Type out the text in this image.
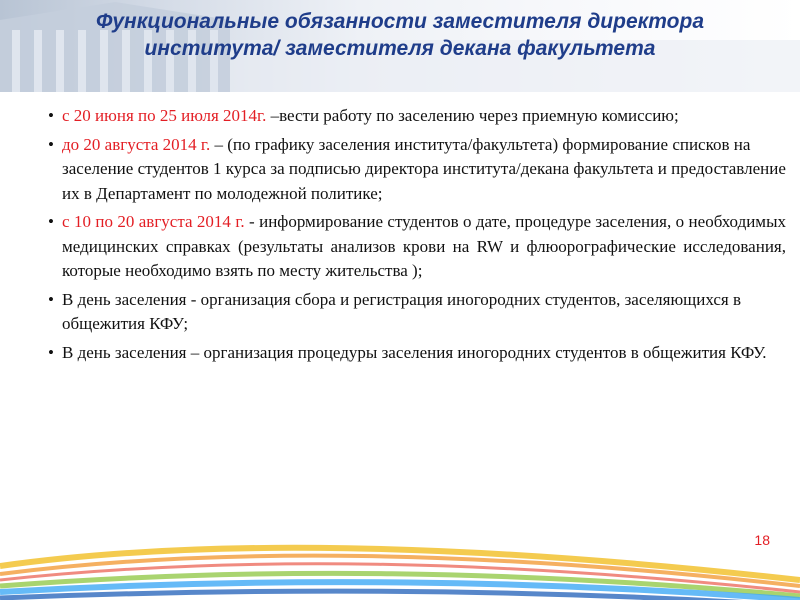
Функциональные обязанности заместителя директора института/ заместителя декана факультета
• с 20 июня по 25 июля 2014г. –вести работу по заселению через приемную комиссию;
• до 20 августа 2014 г. – (по графику заселения института/факультета) формирование списков на заселение студентов 1 курса за подписью директора института/декана факультета и предоставление их в Департамент по молодежной политике;
• с 10 по 20 августа 2014 г. - информирование студентов о дате, процедуре заселения, о необходимых медицинских справках (результаты анализов крови на RW и флюорографические исследования, которые необходимо взять по месту жительства );
• В день заселения - организация сбора и регистрация иногородних студентов, заселяющихся в общежития КФУ;
• В день заселения – организация процедуры заселения иногородних студентов в общежития КФУ.
18
